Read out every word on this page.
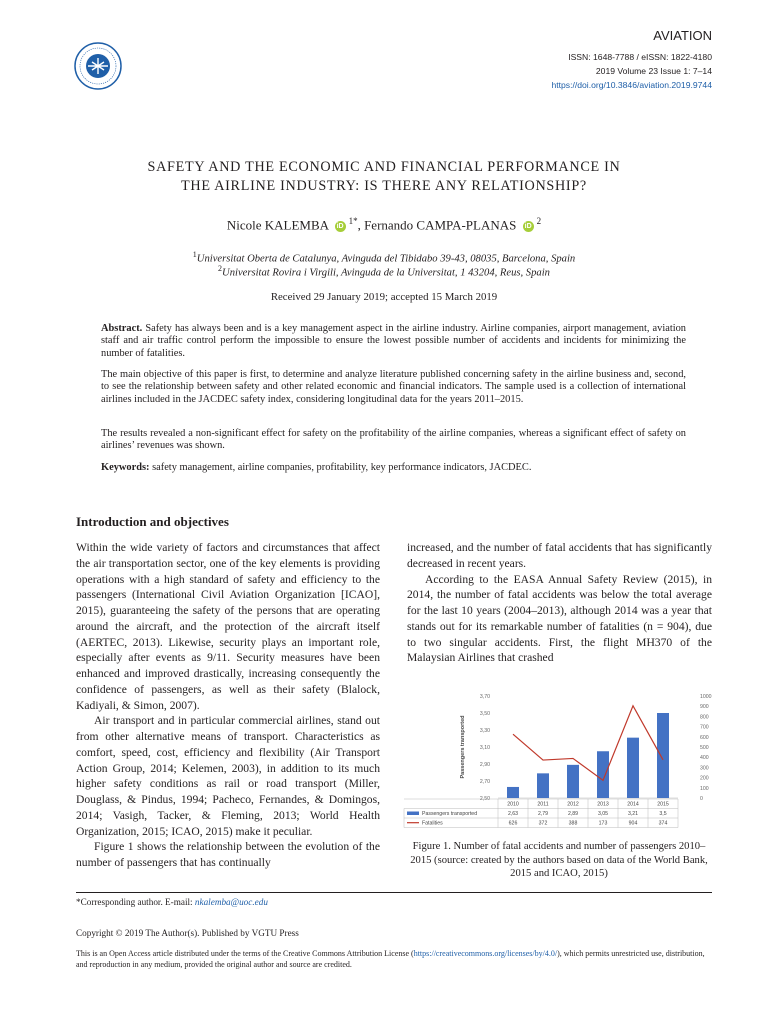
AVIATION
ISSN: 1648-7788 / eISSN: 1822-4180
2019 Volume 23 Issue 1: 7–14
https://doi.org/10.3846/aviation.2019.9744
SAFETY AND THE ECONOMIC AND FINANCIAL PERFORMANCE IN
THE AIRLINE INDUSTRY: IS THERE ANY RELATIONSHIP?
Nicole KALEMBA $iD^{1*}$, Fernando CAMPA-PLANAS $iD^2$
$^1$Universitat Oberta de Catalunya, Avinguda del Tibidabo 39-43, 08035, Barcelona, Spain
$^2$Universitat Rovira i Virgili, Avinguda de la Universitat, 1 43204, Reus, Spain
Received 29 January 2019; accepted 15 March 2019
Abstract. Safety has always been and is a key management aspect in the airline industry. Airline companies, airport management, aviation staff and air traffic control perform the impossible to ensure the lowest possible number of accidents and incidents for minimizing the number of fatalities.
The main objective of this paper is first, to determine and analyze literature published concerning safety in the airline business and, second, to see the relationship between safety and other related economic and financial indicators. The sample used is a collection of international airlines included in the JACDEC safety index, considering longitudinal data for the years 2011–2015.
The results revealed a non-significant effect for safety on the profitability of the airline companies, whereas a significant effect of safety on airlines’ revenues was shown.
Keywords: safety management, airline companies, profitability, key performance indicators, JACDEC.
Introduction and objectives

Within the wide variety of factors and circumstances that affect the air transportation sector, one of the key elements is providing operations with a high standard of safety and efficiency to the passengers (International Civil Aviation Organization [ICAO], 2015), guaranteeing the safety of the persons that are operating around the aircraft, and the protection of the aircraft itself (AERTEC, 2013). Likewise, security plays an important role, especially after events as 9/11. Security measures have been enhanced and improved drastically, increasing consequently the confidence of passengers, as well as their safety (Blalock, Kadiyali, & Simon, 2007).

Air transport and in particular commercial airlines, stand out from other alternative means of transport. Characteristics as comfort, speed, cost, efficiency and flexibility (Air Transport Action Group, 2014; Kelemen, 2003), in addition to its much higher safety conditions as rail or road transport (Miller, Douglass, & Pindus, 1994; Pacheco, Fernandes, & Domingos, 2014; Vasigh, Tacker, & Fleming, 2013; World Health Organization, 2015; ICAO, 2015) make it peculiar.

Figure 1 shows the relationship between the evolution of the number of passengers that has continually

increased, and the number of fatal accidents that has significantly decreased in recent years.

According to the EASA Annual Safety Review (2015), in 2014, the number of fatal accidents was below the total average for the last 10 years (2004–2013), although 2014 was a year that stands out for its remarkable number of fatalities (n = 904), due to two singular accidents. First, the flight MH370 of the Malaysian Airlines that crashed

Passengers transported
2,50
2,70
2,90
3,10
3,30
3,50
3,70
0
100
200
300
400
500
600
700
800
900
1000
2010	2011	2012	2013	2014	2015
Passengers transported	2,63	2,79	2,89	3,05	3,21	3,5
Fatalities	626	372	388	173	904	374
Figure 1. Number of fatal accidents and number of passengers 2010–2015 (source: created by the authors based on data of the World Bank, 2015 and ICAO, 2015)
*Corresponding author. E-mail: nkalemba@uoc.edu
Copyright © 2019 The Author(s). Published by VGTU Press
This is an Open Access article distributed under the terms of the Creative Commons Attribution License (https://creativecommons.org/licenses/by/4.0/), which permits unrestricted use, distribution, and reproduction in any medium, provided the original author and source are credited.
